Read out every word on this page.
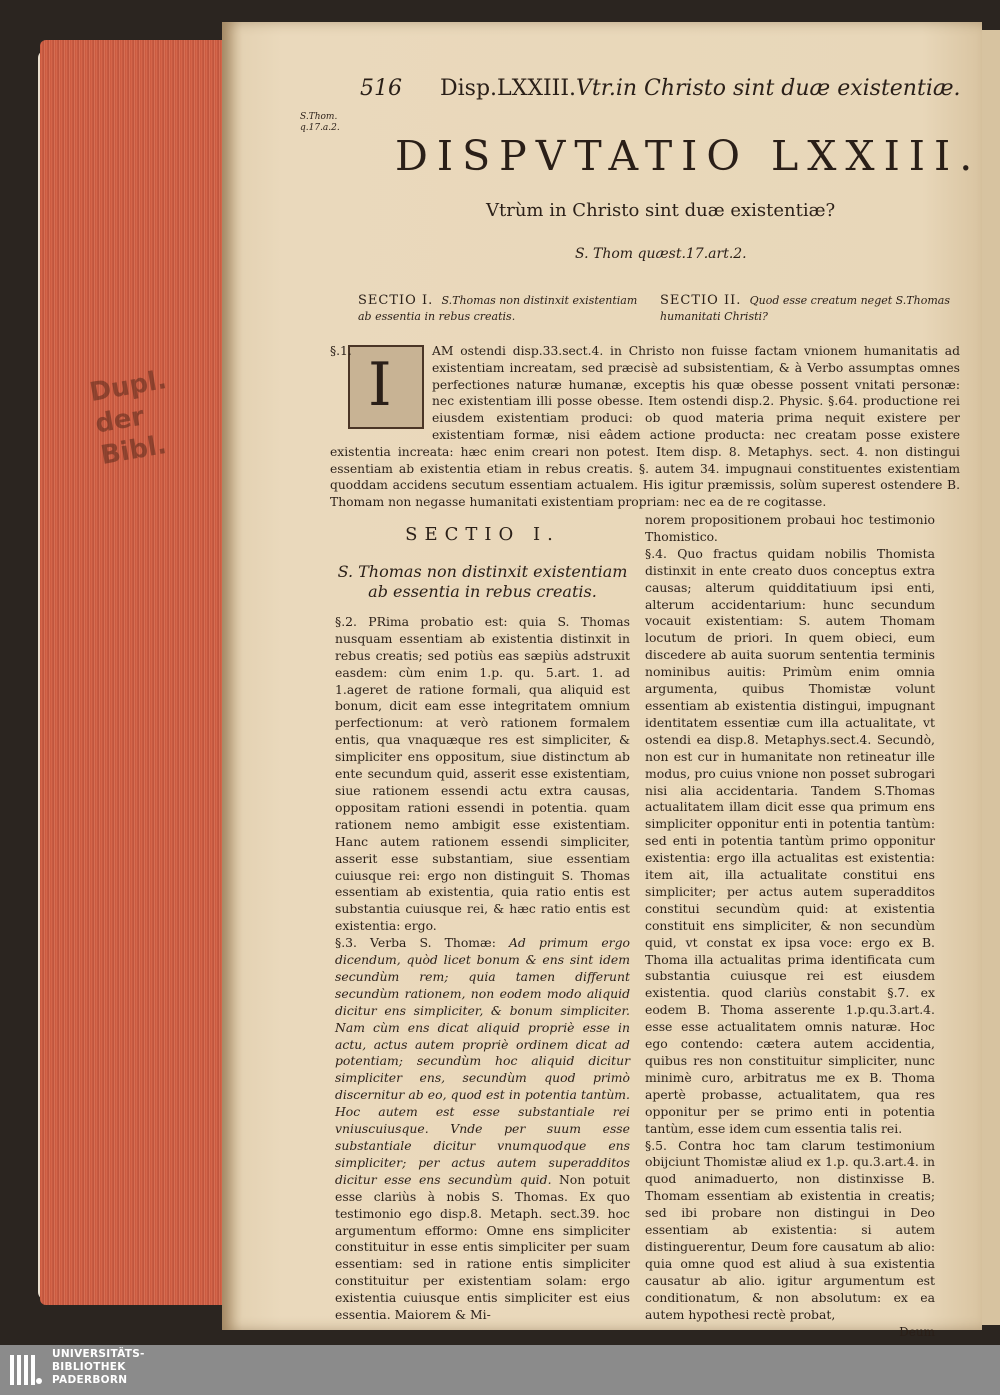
Dupl.
der
Bibl.
516 Disp.LXXIII. Vtr.in Christo sint duæ existentiæ.
S.Thom.
q.17.a.2.
DISPVTATIO LXXIII.
Vtrùm in Christo sint duæ existentiæ?
S. Thom quæst.17.art.2.
SECTIO I. S.Thomas non distinxit existentiam ab essentia in rebus creatis.
SECTIO II. Quod esse creatum neget S.Thomas humanitati Christi?
I
§.1.	AM ostendi disp.33.sect.4. in Christo non fuisse factam vnionem humanitatis ad existentiam increatam, sed præcisè ad subsistentiam, & à Verbo assumptas omnes perfectiones naturæ humanæ, exceptis his quæ obesse possent vnitati personæ: nec existentiam illi posse obesse. Item ostendi disp.2. Physic. §.64. productione rei eiusdem existentiam produci: ob quod materia prima nequit existere per existentiam formæ, nisi eâdem actione producta: nec creatam posse existere existentia increata: hæc enim creari non potest. Item disp. 8. Metaphys. sect. 4. non distingui essentiam ab existentia etiam in rebus creatis. §. autem 34. impugnaui constituentes existentiam quoddam accidens secutum essentiam actualem. His igitur præmissis, solùm superest ostendere B. Thomam non negasse humanitati existentiam propriam: nec ea de re cogitasse.
SECTIO I.
S. Thomas non distinxit existentiam ab essentia in rebus creatis.

§.2. PRima probatio est: quia S. Thomas nusquam essentiam ab existentia distinxit in rebus creatis; sed potiùs eas sæpiùs adstruxit easdem: cùm enim 1.p. qu. 5.art. 1. ad 1.ageret de ratione formali, qua aliquid est bonum, dicit eam esse integritatem omnium perfectionum: at verò rationem formalem entis, qua vnaquæque res est simpliciter, & simpliciter ens oppositum, siue distinctum ab ente secundum quid, asserit esse existentiam, siue rationem essendi actu extra causas, oppositam rationi essendi in potentia. quam rationem nemo ambigit esse existentiam. Hanc autem rationem essendi simpliciter, asserit esse substantiam, siue essentiam cuiusque rei: ergo non distinguit S. Thomas essentiam ab existentia, quia ratio entis est substantia cuiusque rei, & hæc ratio entis est existentia: ergo.

§.3. Verba S. Thomæ: Ad primum ergo dicendum, quòd licet bonum & ens sint idem secundùm rem; quia tamen differunt secundùm rationem, non eodem modo aliquid dicitur ens simpliciter, & bonum simpliciter. Nam cùm ens dicat aliquid propriè esse in actu, actus autem propriè ordinem dicat ad potentiam; secundùm hoc aliquid dicitur simpliciter ens, secundùm quod primò discernitur ab eo, quod est in potentia tantùm. Hoc autem est esse substantiale rei vniuscuiusque. Vnde per suum esse substantiale dicitur vnumquodque ens simpliciter; per actus autem superadditos dicitur esse ens secundùm quid. Non potuit esse clariùs à nobis S. Thomas. Ex quo testimonio ego disp.8. Metaph. sect.39. hoc argumentum efformo: Omne ens simpliciter constituitur in esse entis simpliciter per suam essentiam: sed in ratione entis simpliciter constituitur per existentiam solam: ergo existentia cuiusque entis simpliciter est eius essentia. Maiorem & Mi-

norem propositionem probaui hoc testimonio Thomistico.

§.4. Quo fractus quidam nobilis Thomista distinxit in ente creato duos conceptus extra causas; alterum quidditatiuum ipsi enti, alterum accidentarium: hunc secundum vocauit existentiam: S. autem Thomam locutum de priori. In quem obieci, eum discedere ab auita suorum sententia terminis nominibus auitis: Primùm enim omnia argumenta, quibus Thomistæ volunt essentiam ab existentia distingui, impugnant identitatem essentiæ cum illa actualitate, vt ostendi ea disp.8. Metaphys.sect.4. Secundò, non est cur in humanitate non retineatur ille modus, pro cuius vnione non posset subrogari nisi alia accidentaria. Tandem S.Thomas actualitatem illam dicit esse qua primum ens simpliciter opponitur enti in potentia tantùm: sed enti in potentia tantùm primo opponitur existentia: ergo illa actualitas est existentia: item ait, illa actualitate constitui ens simpliciter; per actus autem superadditos constitui secundùm quid: at existentia constituit ens simpliciter, & non secundùm quid, vt constat ex ipsa voce: ergo ex B. Thoma illa actualitas prima identificata cum substantia cuiusque rei est eiusdem existentia. quod clariùs constabit §.7. ex eodem B. Thoma asserente 1.p.qu.3.art.4. esse esse actualitatem omnis naturæ. Hoc ego contendo: cætera autem accidentia, quibus res non constituitur simpliciter, nunc minimè curo, arbitratus me ex B. Thoma apertè probasse, actualitatem, qua res opponitur per se primo enti in potentia tantùm, esse idem cum essentia talis rei.

§.5. Contra hoc tam clarum testimonium obijciunt Thomistæ aliud ex 1.p. qu.3.art.4. in quod animaduerto, non distinxisse B. Thomam essentiam ab existentia in creatis; sed ibi probare non distingui in Deo essentiam ab existentia: si autem distinguerentur, Deum fore causatum ab alio: quia omne quod est aliud à sua existentia causatur ab alio. igitur argumentum est conditionatum, & non absolutum: ex ea autem hypothesi rectè probat,

Deum
UNIVERSITÄTS-
BIBLIOTHEK
PADERBORN
